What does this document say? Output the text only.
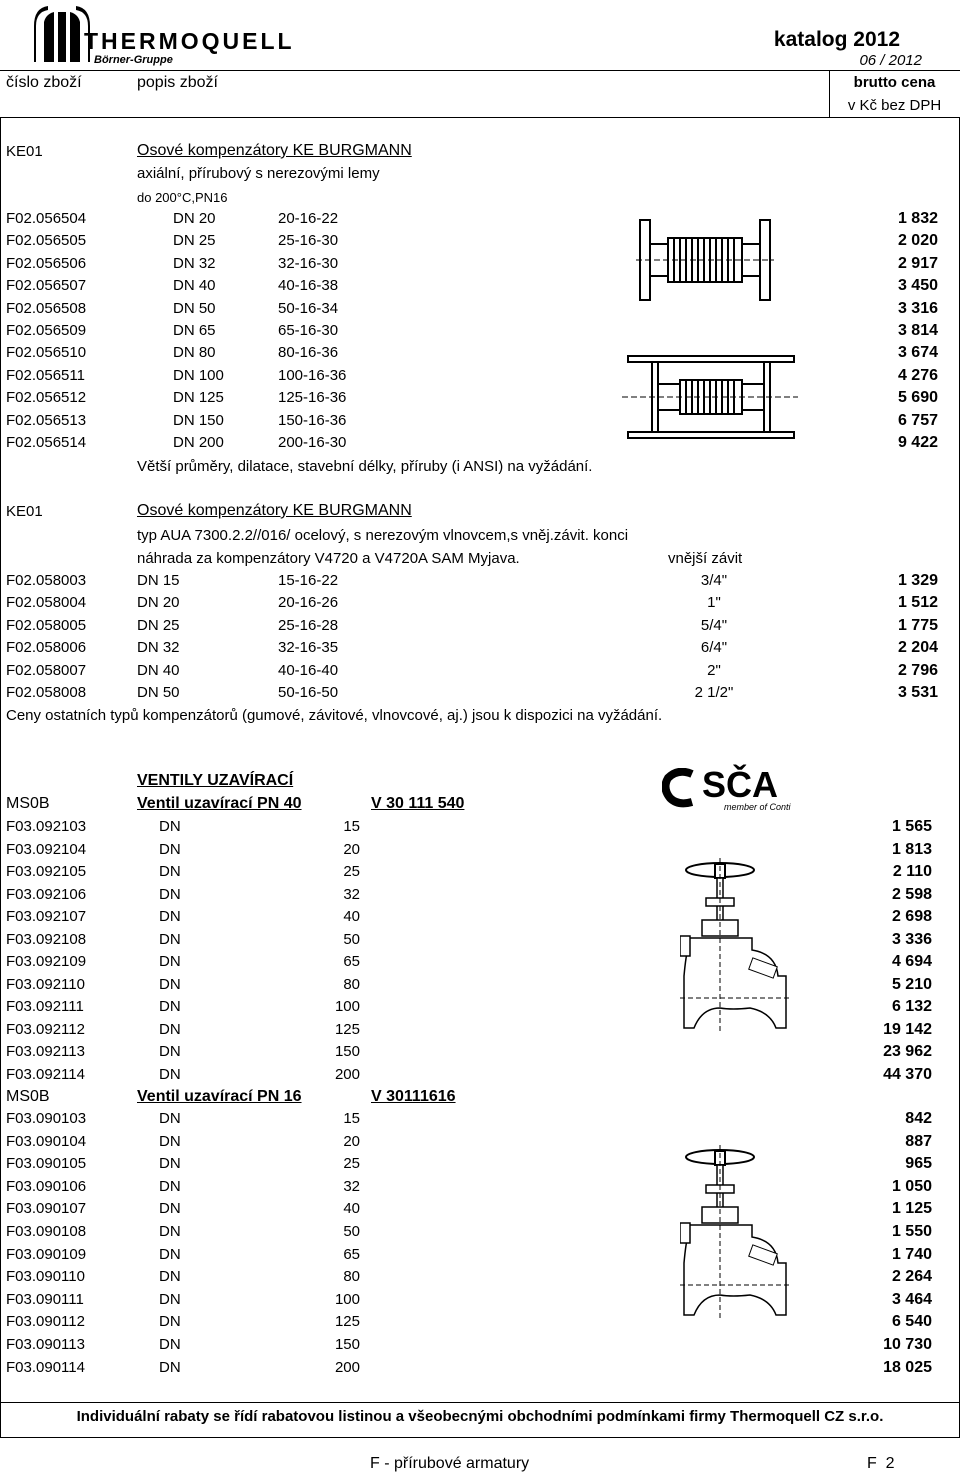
THERMOQUELL
Börner-Gruppe
katalog 2012
06 / 2012
číslo zboží	popis zboží	brutto cena
v Kč bez DPH
KE01	Osové kompenzátory KE BURGMANN
axiální, přírubový s nerezovými lemy
do 200°C,PN16
F02.056504	DN 20	20-16-22	1 832
F02.056505	DN 25	25-16-30	2 020
F02.056506	DN 32	32-16-30	2 917
F02.056507	DN 40	40-16-38	3 450
F02.056508	DN 50	50-16-34	3 316
F02.056509	DN 65	65-16-30	3 814
F02.056510	DN 80	80-16-36	3 674
F02.056511	DN 100	100-16-36	4 276
F02.056512	DN 125	125-16-36	5 690
F02.056513	DN 150	150-16-36	6 757
F02.056514	DN 200	200-16-30	9 422
Větší průměry, dilatace, stavební délky, příruby (i ANSI) na vyžádání.
KE01	Osové kompenzátory KE BURGMANN
typ AUA 7300.2.2//016/ ocelový, s nerezovým vlnovcem,s vněj.závit. konci
náhrada za kompenzátory V4720 a V4720A SAM Myjava.	vnější závit
F02.058003	DN 15	15-16-22	3/4"	1 329
F02.058004	DN 20	20-16-26	1"	1 512
F02.058005	DN 25	25-16-28	5/4"	1 775
F02.058006	DN 32	32-16-35	6/4"	2 204
F02.058007	DN 40	40-16-40	2"	2 796
F02.058008	DN 50	50-16-50	2 1/2"	3 531
Ceny ostatních typů kompenzátorů (gumové, závitové, vlnovcové, aj.) jsou k dispozici na vyžádání.
VENTILY UZAVÍRACÍ	SČA
member of Conti
MS0B	Ventil uzavírací PN 40	V 30 111 540
F03.092103	DN	15	1 565
F03.092104	DN	20	1 813
F03.092105	DN	25	2 110
F03.092106	DN	32	2 598
F03.092107	DN	40	2 698
F03.092108	DN	50	3 336
F03.092109	DN	65	4 694
F03.092110	DN	80	5 210
F03.092111	DN	100	6 132
F03.092112	DN	125	19 142
F03.092113	DN	150	23 962
F03.092114	DN	200	44 370
MS0B	Ventil uzavírací PN 16	V 30111616
F03.090103	DN	15	842
F03.090104	DN	20	887
F03.090105	DN	25	965
F03.090106	DN	32	1 050
F03.090107	DN	40	1 125
F03.090108	DN	50	1 550
F03.090109	DN	65	1 740
F03.090110	DN	80	2 264
F03.090111	DN	100	3 464
F03.090112	DN	125	6 540
F03.090113	DN	150	10 730
F03.090114	DN	200	18 025
Individuální rabaty se řídí rabatovou listinou a všeobecnými obchodními podmínkami firmy Thermoquell CZ s.r.o.
F - přírubové armatury	F  2
